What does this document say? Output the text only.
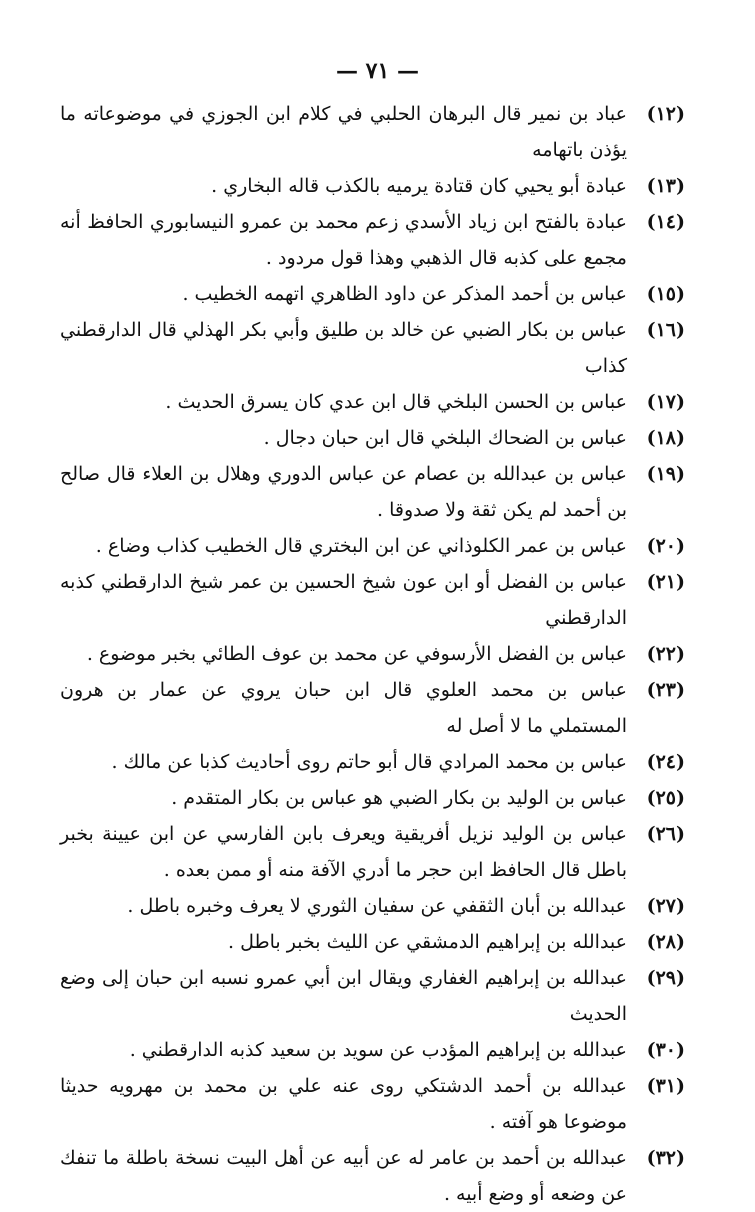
— ٧١ —
(١٢)
عباد بن نمير قال البرهان الحلبي في كلام ابن الجوزي في موضوعاته ما يؤذن باتهامه
(١٣)
عبادة أبو يحيي كان قتادة يرميه بالكذب قاله البخاري .
(١٤)
عبادة بالفتح ابن زياد الأسدي زعم محمد بن عمرو النيسابوري الحافظ أنه مجمع على كذبه قال الذهبي وهذا قول مردود .
(١٥)
عباس بن أحمد المذكر عن داود الظاهري اتهمه الخطيب .
(١٦)
عباس بن بكار الضبي عن خالد بن طليق وأبي بكر الهذلي قال الدارقطني كذاب
(١٧)
عباس بن الحسن البلخي قال ابن عدي كان يسرق الحديث .
(١٨)
عباس بن الضحاك البلخي قال ابن حبان دجال .
(١٩)
عباس بن عبدالله بن عصام عن عباس الدوري وهلال بن العلاء قال صالح بن أحمد لم يكن ثقة ولا صدوقا .
(٢٠)
عباس بن عمر الكلوذاني عن ابن البختري قال الخطيب كذاب وضاع .
(٢١)
عباس بن الفضل أو ابن عون شيخ الحسين بن عمر شيخ الدارقطني كذبه الدارقطني
(٢٢)
عباس بن الفضل الأرسوفي عن محمد بن عوف الطائي بخبر موضوع .
(٢٣)
عباس بن محمد العلوي قال ابن حبان يروي عن عمار بن هرون المستملي ما لا أصل له
(٢٤)
عباس بن محمد المرادي قال أبو حاتم روى أحاديث كذبا عن مالك .
(٢٥)
عباس بن الوليد بن بكار الضبي هو عباس بن بكار المتقدم .
(٢٦)
عباس بن الوليد نزيل أفريقية ويعرف بابن الفارسي عن ابن عيينة بخبر باطل قال الحافظ ابن حجر ما أدري الآفة منه أو ممن بعده .
(٢٧)
عبدالله بن أبان الثقفي عن سفيان الثوري لا يعرف وخبره باطل .
(٢٨)
عبدالله بن إبراهيم الدمشقي عن الليث بخبر باطل .
(٢٩)
عبدالله بن إبراهيم الغفاري ويقال ابن أبي عمرو نسبه ابن حبان إلى وضع الحديث
(٣٠)
عبدالله بن إبراهيم المؤدب عن سويد بن سعيد كذبه الدارقطني .
(٣١)
عبدالله بن أحمد الدشتكي روى عنه علي بن محمد بن مهرويه حديثا موضوعا هو آفته .
(٣٢)
عبدالله بن أحمد بن عامر له عن أبيه عن أهل البيت نسخة باطلة ما تنفك عن وضعه أو وضع أبيه .
